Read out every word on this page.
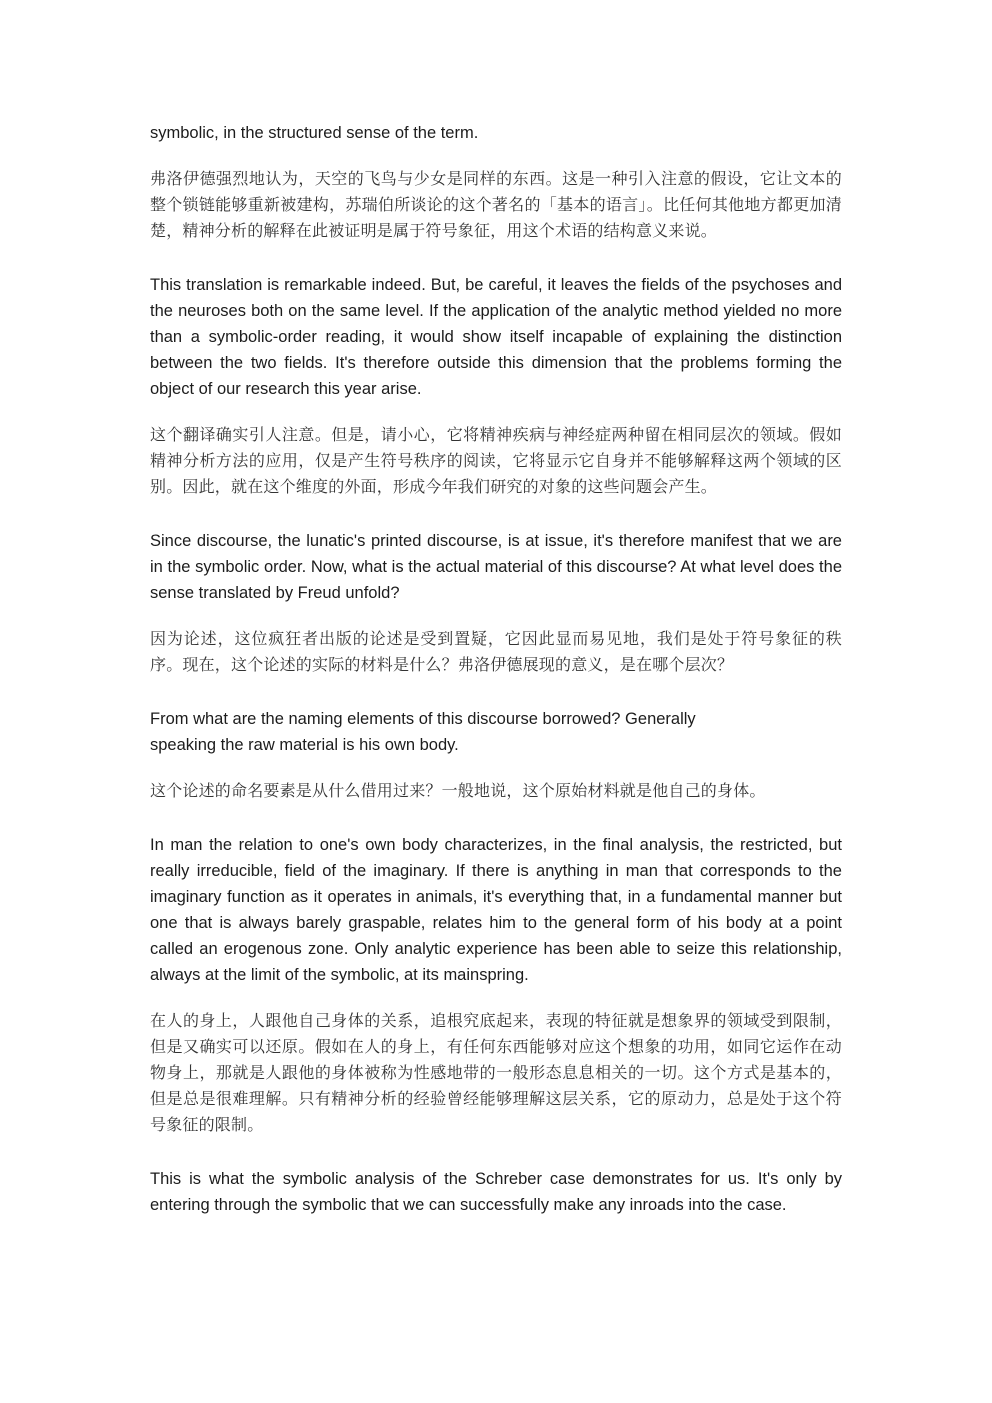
symbolic, in the structured sense of the term.

弗洛伊德强烈地认为，天空的飞鸟与少女是同样的东西。这是一种引入注意的假设，它让文本的整个锁链能够重新被建构，苏瑞伯所谈论的这个著名的「基本的语言」。比任何其他地方都更加清楚，精神分析的解释在此被证明是属于符号象征，用这个术语的结构意义来说。

This translation is remarkable indeed. But, be careful, it leaves the fields of the psychoses and the neuroses both on the same level. If the application of the analytic method yielded no more than a symbolic-order reading, it would show itself incapable of explaining the distinction between the two fields. It's therefore outside this dimension that the problems forming the object of our research this year arise.

这个翻译确实引人注意。但是，请小心，它将精神疾病与神经症两种留在相同层次的领域。假如精神分析方法的应用，仅是产生符号秩序的阅读，它将显示它自身并不能够解释这两个领域的区别。因此，就在这个维度的外面，形成今年我们研究的对象的这些问题会产生。

Since discourse, the lunatic's printed discourse, is at issue, it's therefore manifest that we are in the symbolic order. Now, what is the actual material of this discourse? At what level does the sense translated by Freud unfold?

因为论述，这位疯狂者出版的论述是受到置疑，它因此显而易见地，我们是处于符号象征的秩序。现在，这个论述的实际的材料是什么？弗洛伊德展现的意义，是在哪个层次？

From what are the naming elements of this discourse borrowed? Generally
speaking the raw material is his own body.

这个论述的命名要素是从什么借用过来？一般地说，这个原始材料就是他自己的身体。

In man the relation to one's own body characterizes, in the final analysis, the restricted, but really irreducible, field of the imaginary. If there is anything in man that corresponds to the imaginary function as it operates in animals, it's everything that, in a fundamental manner but one that is always barely graspable, relates him to the general form of his body at a point called an erogenous zone. Only analytic experience has been able to seize this relationship, always at the limit of the symbolic, at its mainspring.

在人的身上，人跟他自己身体的关系，追根究底起来，表现的特征就是想象界的领域受到限制，但是又确实可以还原。假如在人的身上，有任何东西能够对应这个想象的功用，如同它运作在动物身上，那就是人跟他的身体被称为性感地带的一般形态息息相关的一切。这个方式是基本的，但是总是很难理解。只有精神分析的经验曾经能够理解这层关系，它的原动力，总是处于这个符号象征的限制。

This is what the symbolic analysis of the Schreber case demonstrates for us. It's only by entering through the symbolic that we can successfully make any inroads into the case.
